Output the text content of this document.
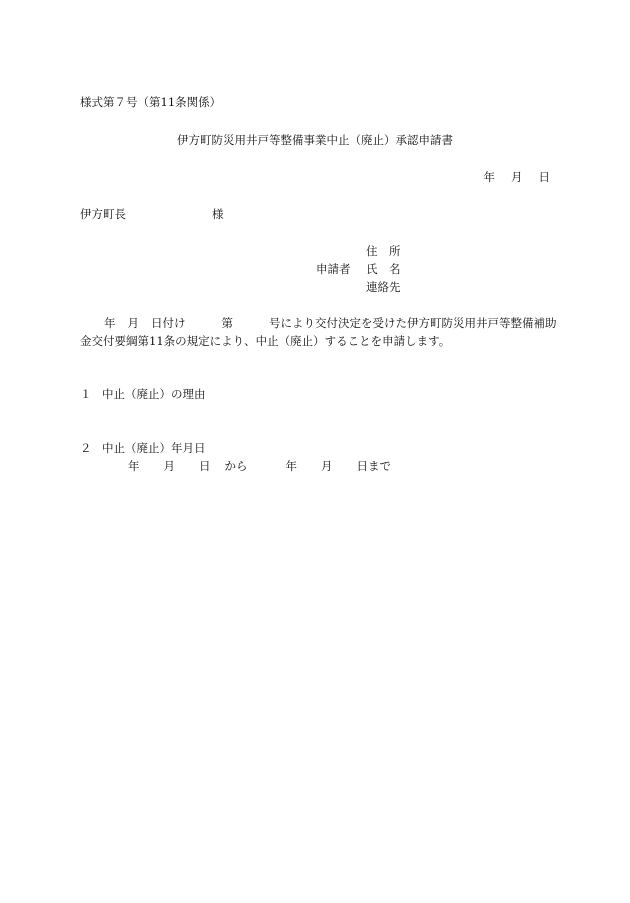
様式第７号（第11条関係）
伊方町防災用井戸等整備事業中止（廃止）承認申請書
年 月 日
伊方町長	様
住　所
申請者	氏　名
連絡先
年 月 日付け	第	号により交付決定を受けた伊方町防災用井戸等整備補助金交付要綱第11条の規定により、中止（廃止）することを申請します。
１ 中止（廃止）の理由
２ 中止（廃止）年月日
年 月 日 から	年 月 日まで
